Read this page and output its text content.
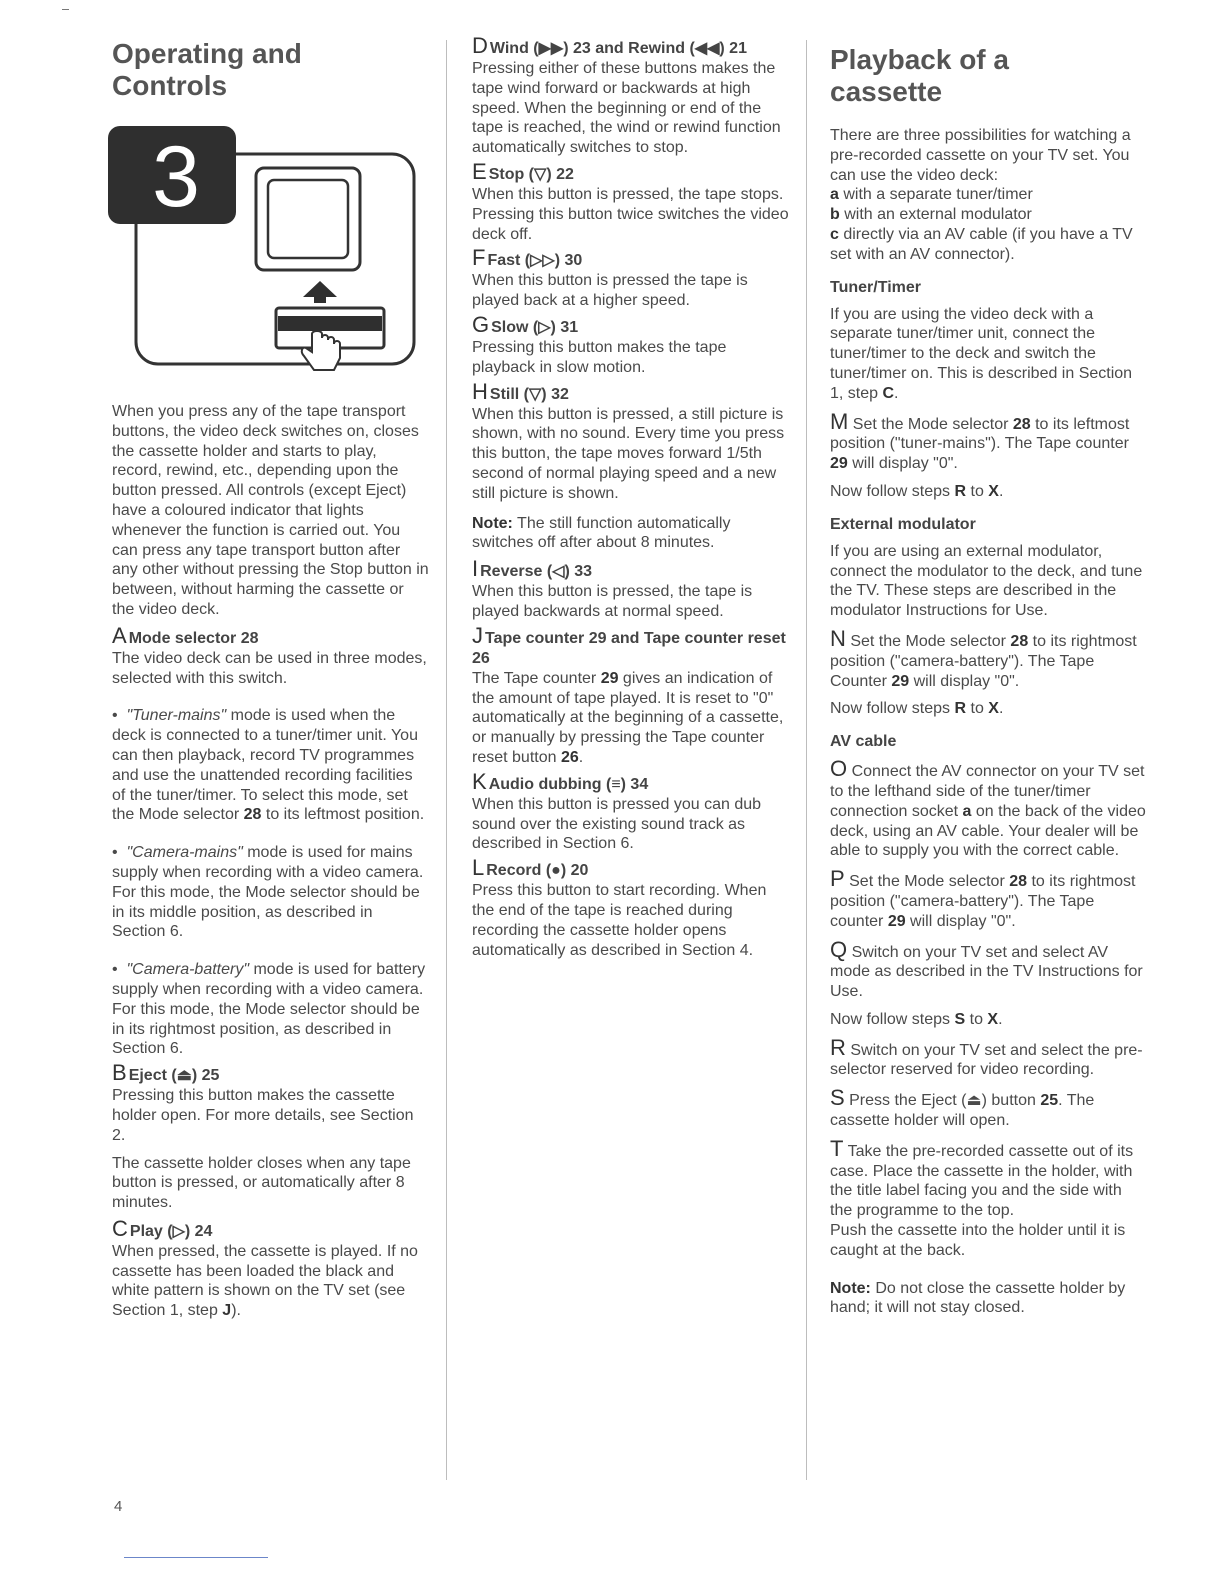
Operating and Controls
3

When you press any of the tape transport buttons, the video deck switches on, closes the cassette holder and starts to play, record, rewind, etc., depending upon the button pressed. All controls (except Eject) have a coloured indicator that lights whenever the function is carried out. You can press any tape transport button after any other without pressing the Stop button in between, without harming the cassette or the video deck.

A Mode selector 28

The video deck can be used in three modes, selected with this switch.

•  "Tuner-mains" mode is used when the deck is connected to a tuner/timer unit. You can then playback, record TV programmes and use the unattended recording facilities of the tuner/timer. To select this mode, set the Mode selector 28 to its leftmost position.

•  "Camera-mains" mode is used for mains supply when recording with a video camera. For this mode, the Mode selector should be in its middle position, as described in Section 6.

•  "Camera-battery" mode is used for battery supply when recording with a video camera. For this mode, the Mode selector should be in its rightmost position, as described in Section 6.

B Eject (⏏) 25

Pressing this button makes the cassette holder open. For more details, see Section 2.

The cassette holder closes when any tape button is pressed, or automatically after 8 minutes.

C Play (▷) 24

When pressed, the cassette is played. If no cassette has been loaded the black and white pattern is shown on the TV set (see Section 1, step J).

4
D Wind (▶▶) 23 and Rewind (◀◀) 21

Pressing either of these buttons makes the tape wind forward or backwards at high speed. When the beginning or end of the tape is reached, the wind or rewind function automatically switches to stop.

E Stop (▽) 22

When this button is pressed, the tape stops. Pressing this button twice switches the video deck off.

F Fast (▷▷) 30

When this button is pressed the tape is played back at a higher speed.

G Slow (▷) 31

Pressing this button makes the tape playback in slow motion.

H Still (▽) 32

When this button is pressed, a still picture is shown, with no sound. Every time you press this button, the tape moves forward 1/5th second of normal playing speed and a new still picture is shown.

Note: The still function automatically switches off after about 8 minutes.

I Reverse (◁) 33

When this button is pressed, the tape is played backwards at normal speed.

J Tape counter 29 and Tape counter reset 26

The Tape counter 29 gives an indication of the amount of tape played. It is reset to "0" automatically at the beginning of a cassette, or manually by pressing the Tape counter reset button 26.

K Audio dubbing (≡) 34

When this button is pressed you can dub sound over the existing sound track as described in Section 6.

L Record (●) 20

Press this button to start recording. When the end of the tape is reached during recording the cassette holder opens automatically as described in Section 4.

Playback of a cassette

There are three possibilities for watching a pre-recorded cassette on your TV set. You can use the video deck:

a with a separate tuner/timer

b with an external modulator

c directly via an AV cable (if you have a TV set with an AV connector).

Tuner/Timer

If you are using the video deck with a separate tuner/timer unit, connect the tuner/timer to the deck and switch the tuner/timer on. This is described in Section 1, step C.

M Set the Mode selector 28 to its leftmost position ("tuner-mains"). The Tape counter 29 will display "0".

Now follow steps R to X.

External modulator

If you are using an external modulator, connect the modulator to the deck, and tune the TV. These steps are described in the modulator Instructions for Use.

N Set the Mode selector 28 to its rightmost position ("camera-battery"). The Tape Counter 29 will display "0".

Now follow steps R to X.

AV cable

O Connect the AV connector on your TV set to the lefthand side of the tuner/timer connection socket a on the back of the video deck, using an AV cable. Your dealer will be able to supply you with the correct cable.

P Set the Mode selector 28 to its rightmost position ("camera-battery"). The Tape counter 29 will display "0".

Q Switch on your TV set and select AV mode as described in the TV Instructions for Use.

Now follow steps S to X.

R Switch on your TV set and select the pre-selector reserved for video recording.

S Press the Eject (⏏) button 25. The cassette holder will open.

T Take the pre-recorded cassette out of its case. Place the cassette in the holder, with the title label facing you and the side with the programme to the top.

Push the cassette into the holder until it is caught at the back.

Note: Do not close the cassette holder by hand; it will not stay closed.
